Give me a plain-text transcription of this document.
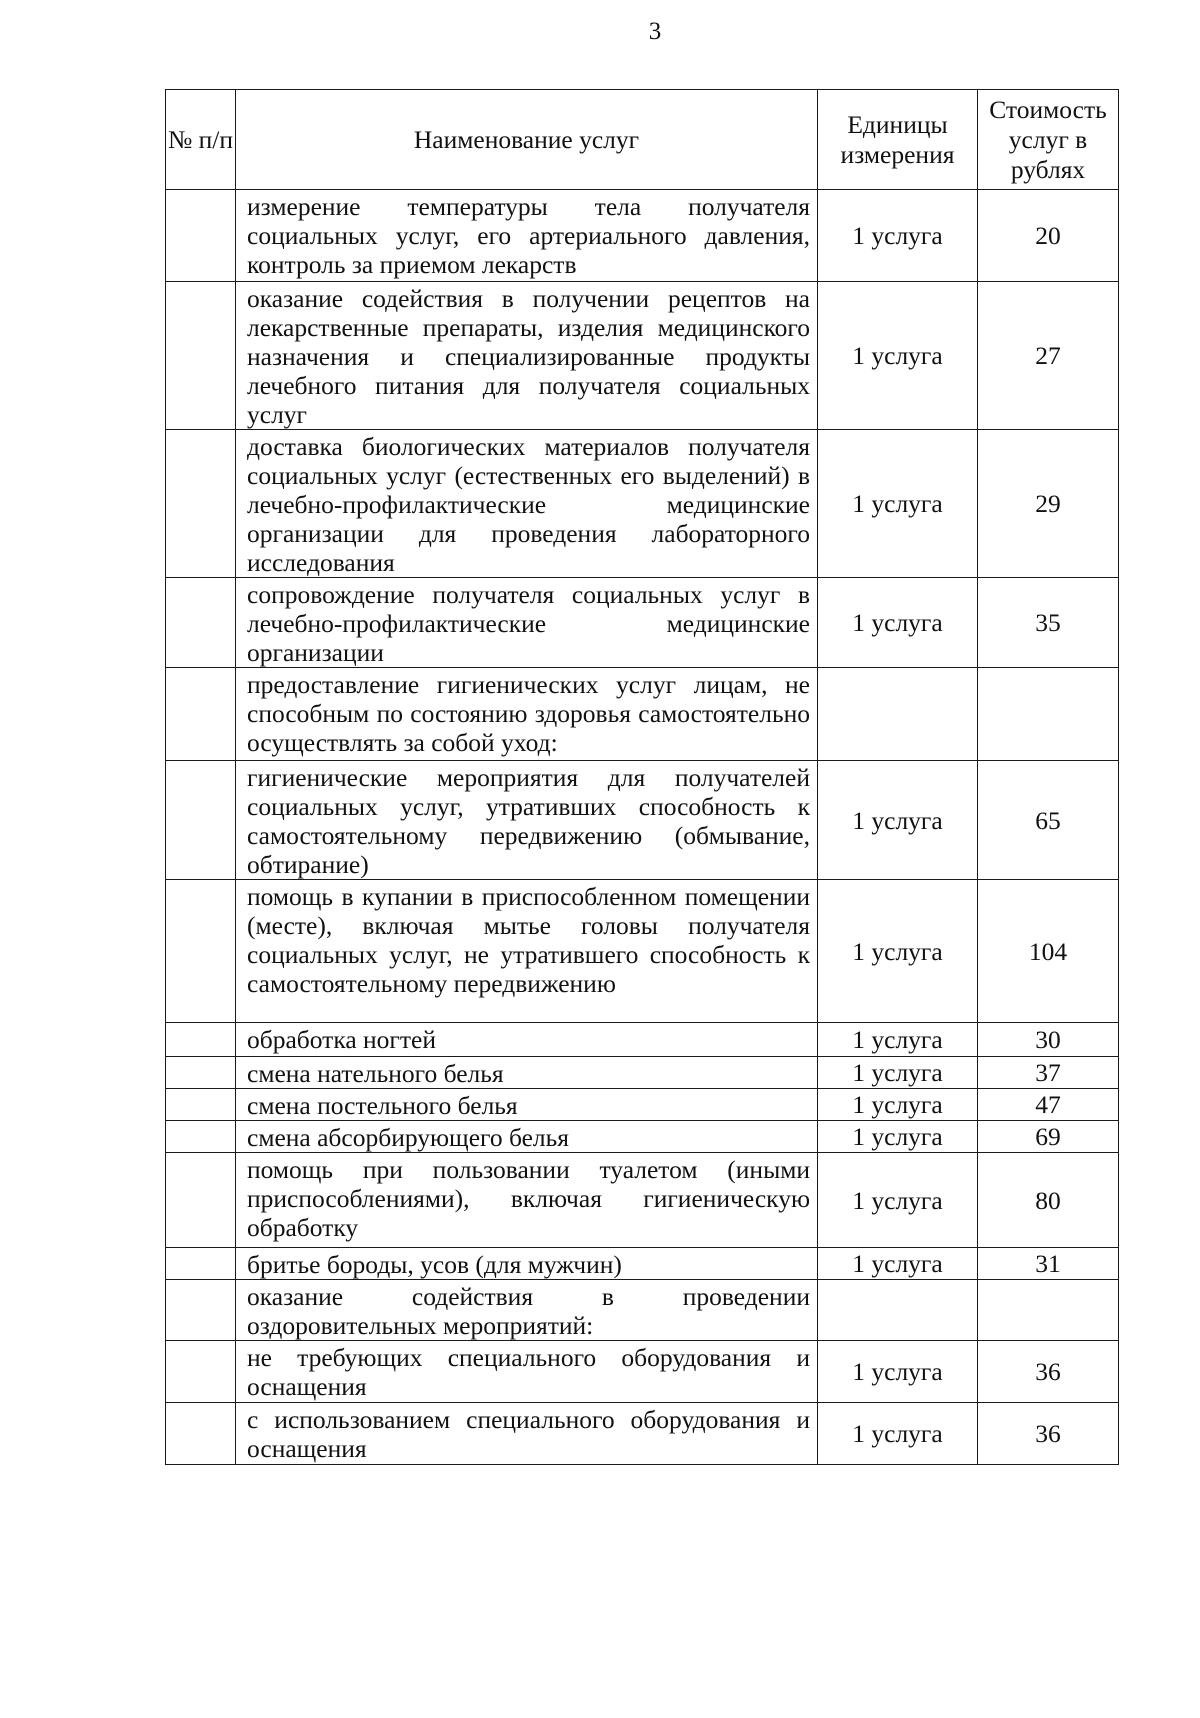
3
№ п/п	Наименование услуг	Единицы измерения	Стоимость услуг в рублях
	измерение температуры тела получателя социальных услуг, его артериального давления, контроль за приемом лекарств	1 услуга	20
	оказание содействия в получении рецептов на лекарственные препараты, изделия медицинского назначения и специализированные продукты лечебного питания для получателя социальных услуг	1 услуга	27
	доставка биологических материалов получателя социальных услуг (естественных его выделений) в лечебно-профилактические медицинские организации для проведения лабораторного исследования	1 услуга	29
	сопровождение получателя социальных услуг в лечебно-профилактические медицинские организации	1 услуга	35
	предоставление гигиенических услуг лицам, не способным по состоянию здоровья самостоятельно осуществлять за собой уход:		
	гигиенические мероприятия для получателей социальных услуг, утративших способность к самостоятельному передвижению (обмывание, обтирание)	1 услуга	65
	помощь в купании в приспособленном помещении (месте), включая мытье головы получателя социальных услуг, не утратившего способность к самостоятельному передвижению	1 услуга	104
	обработка ногтей	1 услуга	30
	смена нательного белья	1 услуга	37
	смена постельного белья	1 услуга	47
	смена абсорбирующего белья	1 услуга	69
	помощь при пользовании туалетом (иными приспособлениями), включая гигиеническую обработку	1 услуга	80
	бритье бороды, усов (для мужчин)	1 услуга	31
	оказание содействия в проведении оздоровительных мероприятий:		
	не требующих специального оборудования и оснащения	1 услуга	36
	с использованием специального оборудования и оснащения	1 услуга	36
